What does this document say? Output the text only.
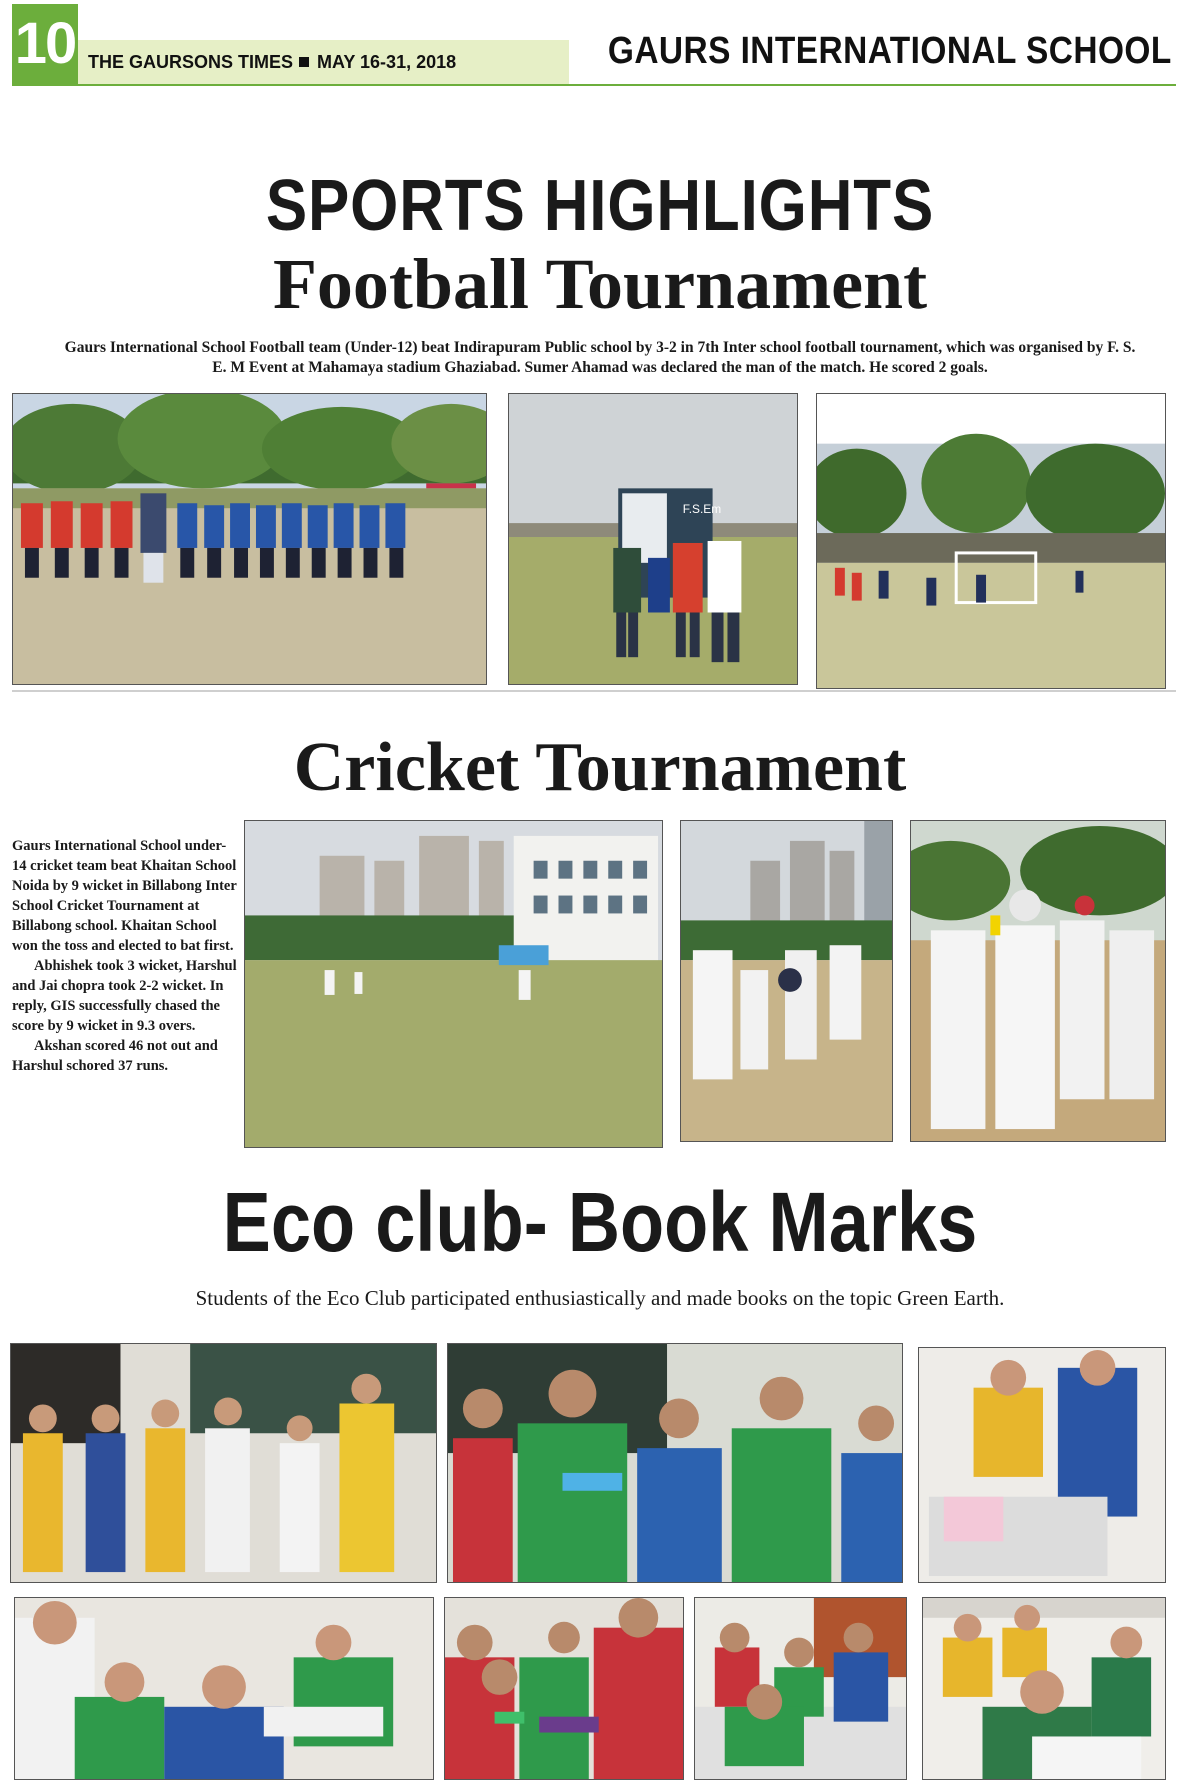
10 THE GAURSONS TIMES MAY 16-31, 2018	GAURS INTERNATIONAL SCHOOL
SPORTS HIGHLIGHTS
Football Tournament
Gaurs International School Football team (Under-12) beat Indirapuram Public school by 3-2 in 7th Inter school football tournament, which was organised by F. S. E. M Event at Mahamaya stadium Ghaziabad. Sumer Ahamad was declared the man of the match. He scored 2 goals.
F.S.Em
Cricket Tournament

Gaurs International School under-14 cricket team beat Khaitan School Noida by 9 wicket in Billabong Inter School Cricket Tournament at Billabong school. Khaitan School won the toss and elected to bat first.

Abhishek took 3 wicket, Harshul and Jai chopra took 2-2 wicket. In reply, GIS successfully chased the score by 9 wicket in 9.3 overs.

Akshan scored 46 not out and Harshul schored 37 runs.

Eco club- Book Marks
Students of the Eco Club participated enthusiastically and made books on the topic Green Earth.
